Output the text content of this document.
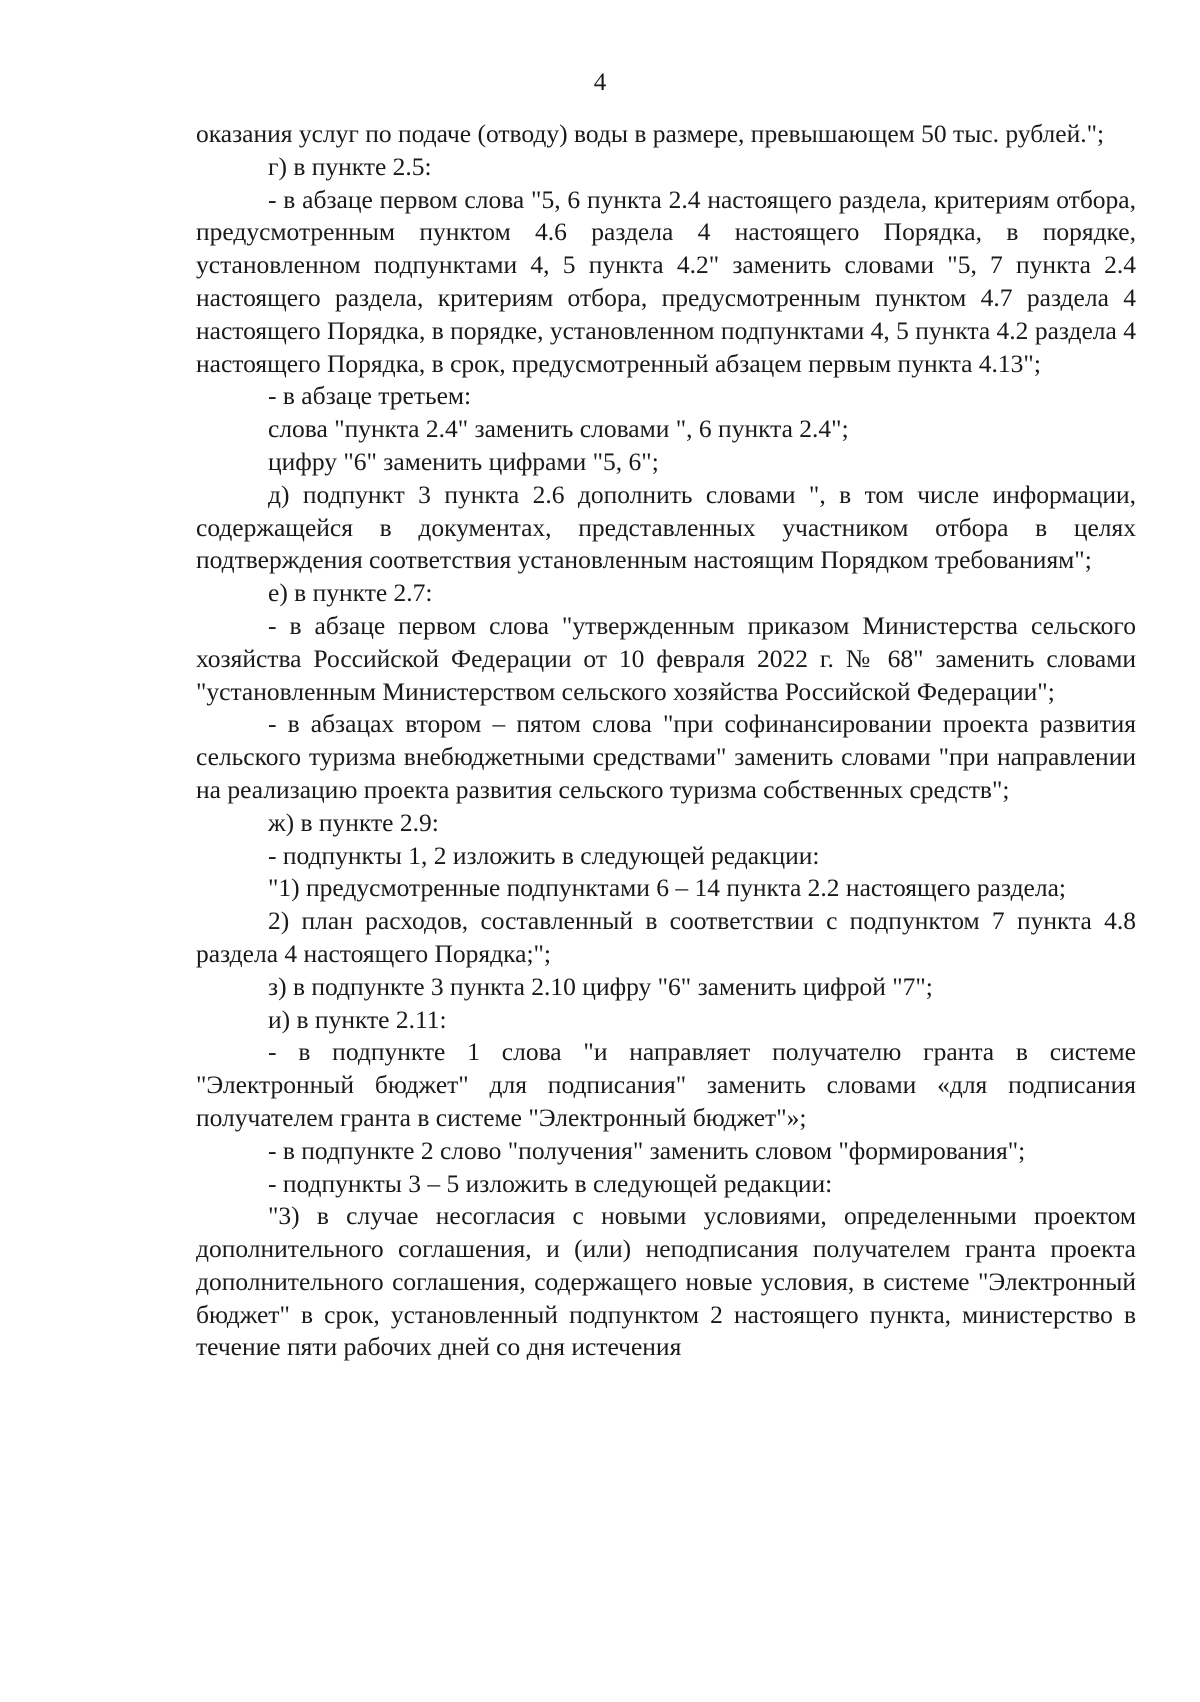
4

оказания услуг по подаче (отводу) воды в размере, превышающем 50 тыс. рублей.";

г) в пункте 2.5:

- в абзаце первом слова "5, 6 пункта 2.4 настоящего раздела, критериям отбора, предусмотренным пунктом 4.6 раздела 4 настоящего Порядка, в порядке, установленном подпунктами 4, 5 пункта 4.2" заменить словами "5, 7 пункта 2.4 настоящего раздела, критериям отбора, предусмотренным пунктом 4.7 раздела 4 настоящего Порядка, в порядке, установленном подпунктами 4, 5 пункта 4.2 раздела 4 настоящего Порядка, в срок, предусмотренный абзацем первым пункта 4.13";

- в абзаце третьем:

слова "пункта 2.4" заменить словами ", 6 пункта 2.4";

цифру "6" заменить цифрами "5, 6";

д) подпункт 3 пункта 2.6 дополнить словами ", в том числе информации, содержащейся в документах, представленных участником отбора в целях подтверждения соответствия установленным настоящим Порядком требованиям";

е) в пункте 2.7:

- в абзаце первом слова "утвержденным приказом Министерства сельского хозяйства Российской Федерации от 10 февраля 2022 г. № 68" заменить словами "установленным Министерством сельского хозяйства Российской Федерации";

- в абзацах втором – пятом слова "при софинансировании проекта развития сельского туризма внебюджетными средствами" заменить словами "при направлении на реализацию проекта развития сельского туризма собственных средств";

ж) в пункте 2.9:

- подпункты 1, 2 изложить в следующей редакции:

"1) предусмотренные подпунктами 6 – 14 пункта 2.2 настоящего раздела;

2) план расходов, составленный в соответствии с подпунктом 7 пункта 4.8 раздела 4 настоящего Порядка;";

з) в подпункте 3 пункта 2.10 цифру "6" заменить цифрой "7";

и) в пункте 2.11:

- в подпункте 1 слова "и направляет получателю гранта в системе "Электронный бюджет" для подписания" заменить словами «для подписания получателем гранта в системе "Электронный бюджет"»;

- в подпункте 2 слово "получения" заменить словом "формирования";

- подпункты 3 – 5 изложить в следующей редакции:

"3) в случае несогласия с новыми условиями, определенными проектом дополнительного соглашения, и (или) неподписания получателем гранта проекта дополнительного соглашения, содержащего новые условия, в системе "Электронный бюджет" в срок, установленный подпунктом 2 настоящего пункта, министерство в течение пяти рабочих дней со дня истечения
